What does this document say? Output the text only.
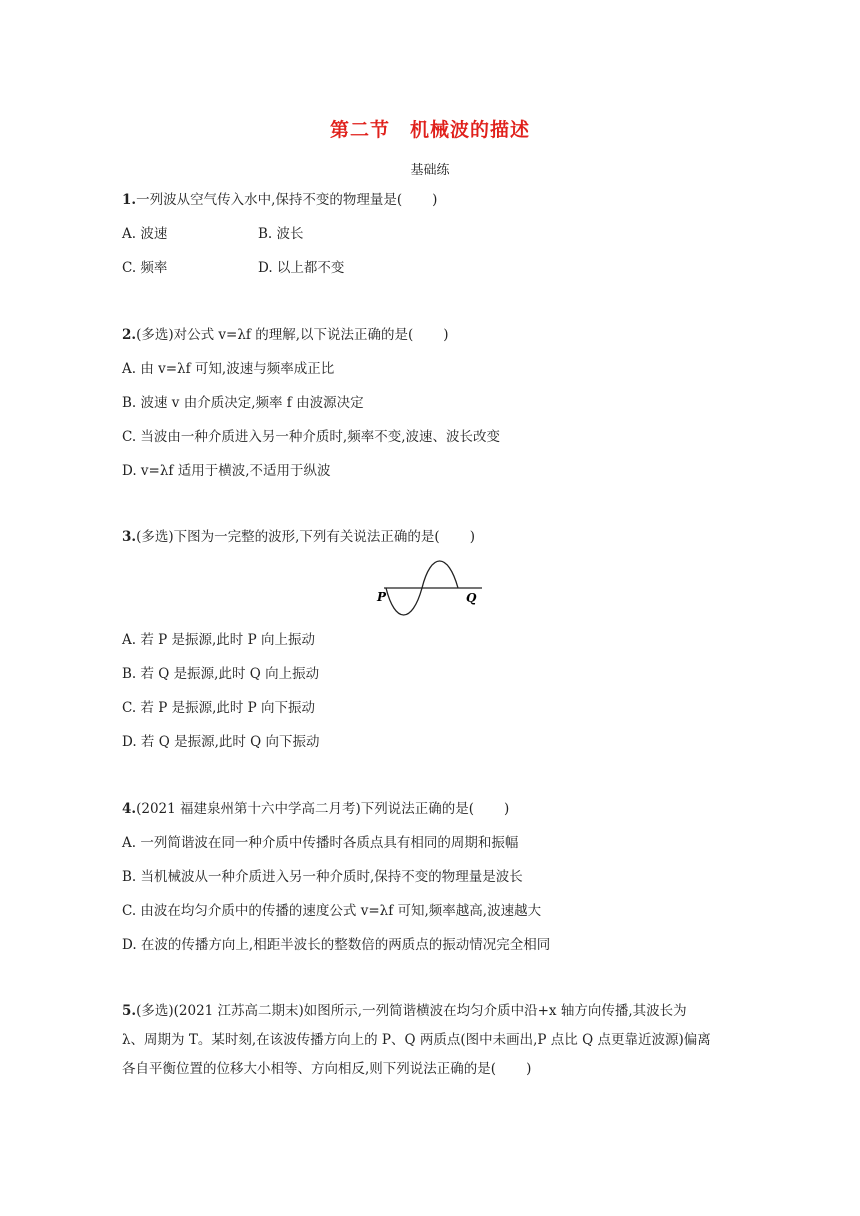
第二节　机械波的描述
基础练
1.一列波从空气传入水中,保持不变的物理量是( )
A. 波速	B. 波长
C. 频率	D. 以上都不变
2.(多选)对公式 v=λf 的理解,以下说法正确的是( )
A. 由 v=λf 可知,波速与频率成正比
B. 波速 v 由介质决定,频率 f 由波源决定
C. 当波由一种介质进入另一种介质时,频率不变,波速、波长改变
D. v=λf 适用于横波,不适用于纵波
3.(多选)下图为一完整的波形,下列有关说法正确的是( )
P	Q
A. 若 P 是振源,此时 P 向上振动
B. 若 Q 是振源,此时 Q 向上振动
C. 若 P 是振源,此时 P 向下振动
D. 若 Q 是振源,此时 Q 向下振动
4.(2021 福建泉州第十六中学高二月考)下列说法正确的是( )
A. 一列简谐波在同一种介质中传播时各质点具有相同的周期和振幅
B. 当机械波从一种介质进入另一种介质时,保持不变的物理量是波长
C. 由波在均匀介质中的传播的速度公式 v=λf 可知,频率越高,波速越大
D. 在波的传播方向上,相距半波长的整数倍的两质点的振动情况完全相同
5.(多选)(2021 江苏高二期末)如图所示,一列简谐横波在均匀介质中沿+x 轴方向传播,其波长为 λ、周期为 T。某时刻,在该波传播方向上的 P、Q 两质点(图中未画出,P 点比 Q 点更靠近波源)偏离各自平衡位置的位移大小相等、方向相反,则下列说法正确的是( )
